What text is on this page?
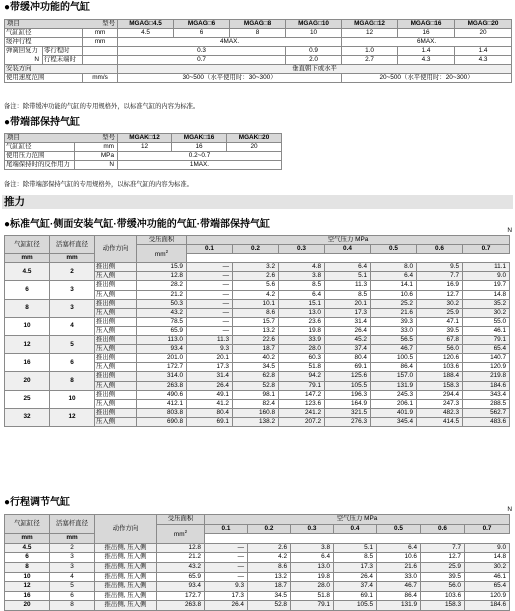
●带缓冲功能的气缸
项目	型号
	MGAG□4.5	MGAG□6	MGAG□8	MGAG□10	MGAG□12	MGAG□16	MGAG□20
气缸缸径	mm	4.5	6	8	10	12	16	20
缓冲行程	mm	4MAX.	6MAX.
弹簧回复力	零行程时		0.3	0.9	1.0	1.4	1.4
N	行程末端时		0.7	2.0	2.7	4.3	4.3
安装方向	垂直朝下或水平
使用速度范围	mm/s	30~500（水平使用时：30~300）	20~500（水平使用时：20~300）
备注：除带缓冲功能的气缸的专用规格外，以标准气缸的内容为标准。
●带端部保持气缸
项目	型号
	MGAK□12	MGAK□16	MGAK□20
气缸缸径	mm	12	16	20
使用压力范围	MPa	0.2~0.7
尾端保持时的反作用力	N	1MAX.
备注：除带端部保持气缸的专用规格外，以标准气缸的内容为标准。
推力
●标准气缸·侧面安装气缸·带缓冲功能的气缸·带端部保持气缸
N
气缸缸径	活塞杆直径	动作方向	受压面积	空气压力 MPa						
			$mm^2$	0.1	0.2	0.3	0.4	0.5	0.6	0.7
mm	mm									
4.5	2	推出侧	15.9	—	3.2	4.8	6.4	8.0	9.5	11.1
		压入侧	12.8	—	2.6	3.8	5.1	6.4	7.7	9.0
6	3	推出侧	28.2	—	5.6	8.5	11.3	14.1	16.9	19.7
		压入侧	21.2	—	4.2	6.4	8.5	10.6	12.7	14.8
8	3	推出侧	50.3	—	10.1	15.1	20.1	25.2	30.2	35.2
		压入侧	43.2	—	8.6	13.0	17.3	21.6	25.9	30.2
10	4	推出侧	78.5	—	15.7	23.6	31.4	39.3	47.1	55.0
		压入侧	65.9	—	13.2	19.8	26.4	33.0	39.5	46.1
12	5	推出侧	113.0	11.3	22.6	33.9	45.2	56.5	67.8	79.1
		压入侧	93.4	9.3	18.7	28.0	37.4	46.7	56.0	65.4
16	6	推出侧	201.0	20.1	40.2	60.3	80.4	100.5	120.6	140.7
		压入侧	172.7	17.3	34.5	51.8	69.1	86.4	103.6	120.9
20	8	推出侧	314.0	31.4	62.8	94.2	125.6	157.0	188.4	219.8
		压入侧	263.8	26.4	52.8	79.1	105.5	131.9	158.3	184.6
25	10	推出侧	490.6	49.1	98.1	147.2	196.3	245.3	294.4	343.4
		压入侧	412.1	41.2	82.4	123.6	164.9	206.1	247.3	288.5
32	12	推出侧	803.8	80.4	160.8	241.2	321.5	401.9	482.3	562.7
		压入侧	690.8	69.1	138.2	207.2	276.3	345.4	414.5	483.6
●行程调节气缸
N
气缸缸径	活塞杆直径	动作方向	受压面积	空气压力 MPa						
			$mm^2$	0.1	0.2	0.3	0.4	0.5	0.6	0.7
mm	mm									
4.5	2	推出侧, 压入侧	12.8	—	2.6	3.8	5.1	6.4	7.7	9.0
6	3	推出侧, 压入侧	21.2	—	4.2	6.4	8.5	10.6	12.7	14.8
8	3	推出侧, 压入侧	43.2	—	8.6	13.0	17.3	21.6	25.9	30.2
10	4	推出侧, 压入侧	65.9	—	13.2	19.8	26.4	33.0	39.5	46.1
12	5	推出侧, 压入侧	93.4	9.3	18.7	28.0	37.4	46.7	56.0	65.4
16	6	推出侧, 压入侧	172.7	17.3	34.5	51.8	69.1	86.4	103.6	120.9
20	8	推出侧, 压入侧	263.8	26.4	52.8	79.1	105.5	131.9	158.3	184.6
